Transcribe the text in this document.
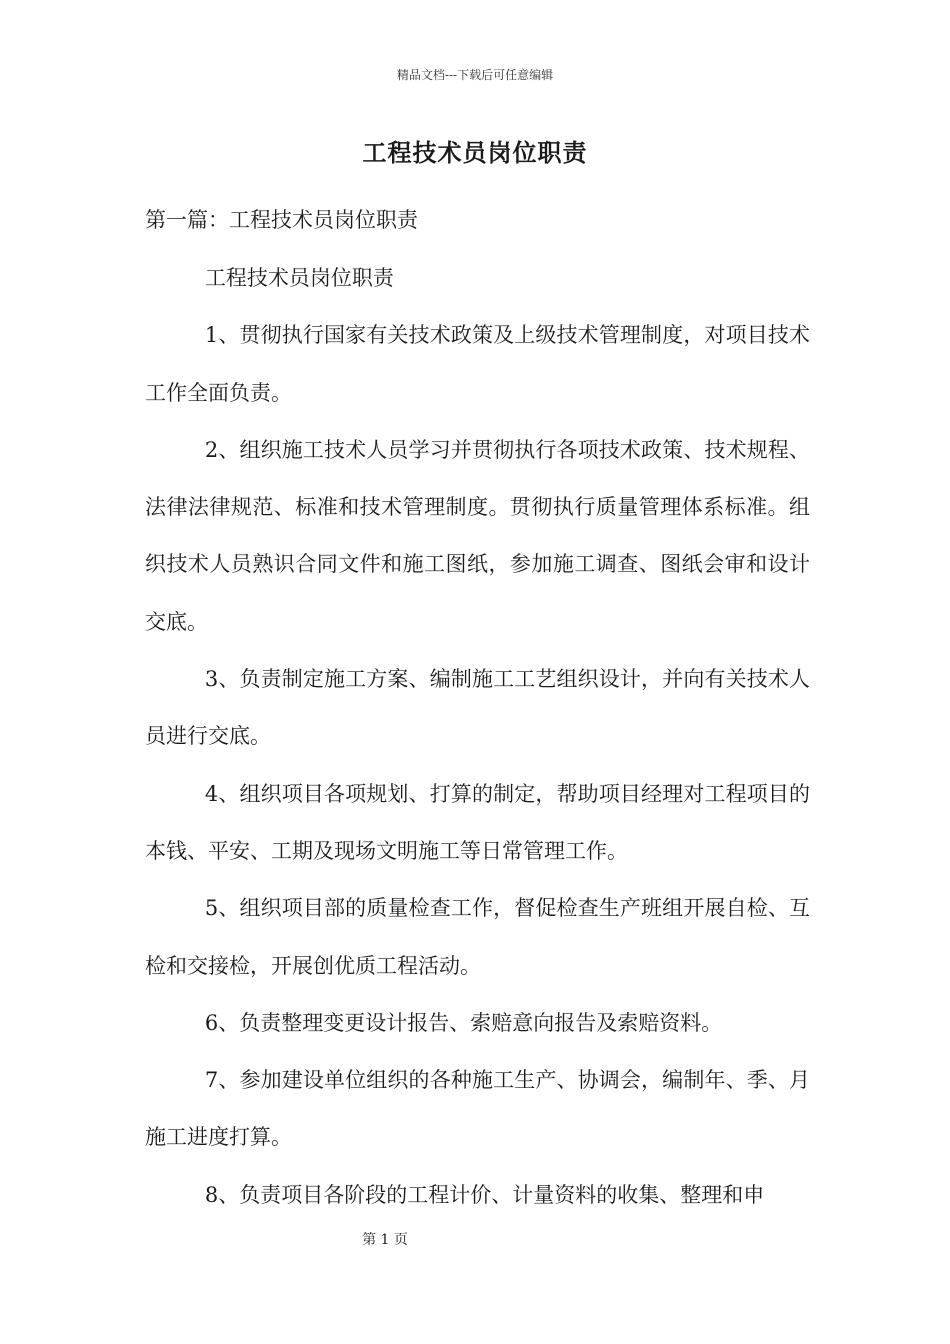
精品文档---下载后可任意编辑
工程技术员岗位职责
第一篇：工程技术员岗位职责

工程技术员岗位职责

1、贯彻执行国家有关技术政策及上级技术管理制度，对项目技术工作全面负责。

2、组织施工技术人员学习并贯彻执行各项技术政策、技术规程、法律法律规范、标准和技术管理制度。贯彻执行质量管理体系标准。组织技术人员熟识合同文件和施工图纸，参加施工调查、图纸会审和设计交底。

3、负责制定施工方案、编制施工工艺组织设计，并向有关技术人员进行交底。

4、组织项目各项规划、打算的制定，帮助项目经理对工程项目的本钱、平安、工期及现场文明施工等日常管理工作。

5、组织项目部的质量检查工作，督促检查生产班组开展自检、互检和交接检，开展创优质工程活动。

6、负责整理变更设计报告、索赔意向报告及索赔资料。

7、参加建设单位组织的各种施工生产、协调会，编制年、季、月施工进度打算。

8、负责项目各阶段的工程计价、计量资料的收集、整理和申

第 1 页
